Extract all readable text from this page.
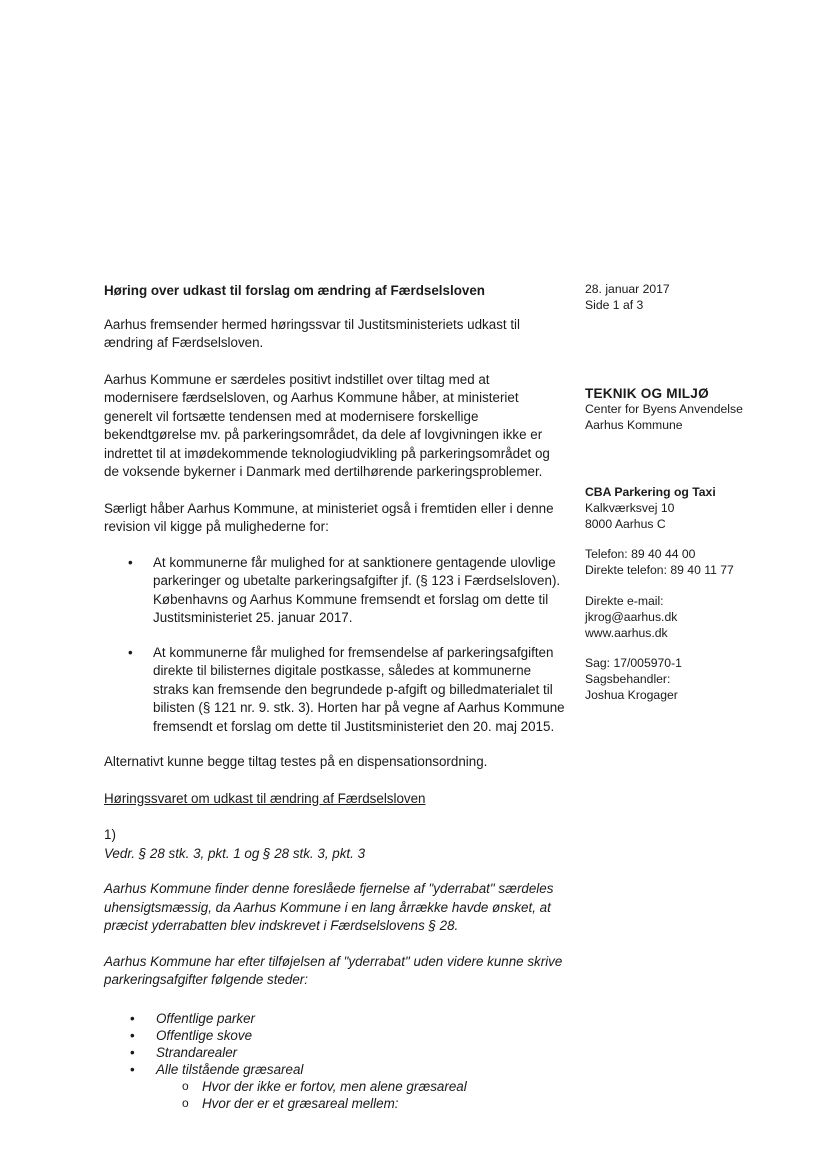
Høring over udkast til forslag om ændring af Færdselsloven

Aarhus fremsender hermed høringssvar til Justitsministeriets udkast til ændring af Færdselsloven.

Aarhus Kommune er særdeles positivt indstillet over tiltag med at modernisere færdselsloven, og Aarhus Kommune håber, at ministeriet generelt vil fortsætte tendensen med at modernisere forskellige bekendtgørelse mv. på parkeringsområdet, da dele af lovgivningen ikke er indrettet til at imødekommende teknologiudvikling på parkeringsområdet og de voksende bykerner i Danmark med dertilhørende parkeringsproblemer.

Særligt håber Aarhus Kommune, at ministeriet også i fremtiden eller i denne revision vil kigge på mulighederne for:

• At kommunerne får mulighed for at sanktionere gentagende ulovlige parkeringer og ubetalte parkeringsafgifter jf. (§ 123 i Færdselsloven). Københavns og Aarhus Kommune fremsendt et forslag om dette til Justitsministeriet 25. januar 2017.
• At kommunerne får mulighed for fremsendelse af parkeringsafgiften direkte til bilisternes digitale postkasse, således at kommunerne straks kan fremsende den begrundede p-afgift og billedmaterialet til bilisten (§ 121 nr. 9. stk. 3). Horten har på vegne af Aarhus Kommune fremsendt et forslag om dette til Justitsministeriet den 20. maj 2015.

Alternativt kunne begge tiltag testes på en dispensationsordning.

Høringssvaret om udkast til ændring af Færdselsloven

1)

Vedr. § 28 stk. 3, pkt. 1 og § 28 stk. 3, pkt. 3

Aarhus Kommune finder denne foreslåede fjernelse af "yderrabat" særdeles uhensigtsmæssig, da Aarhus Kommune i en lang årrække havde ønsket, at præcist yderrabatten blev indskrevet i Færdselslovens § 28.

Aarhus Kommune har efter tilføjelsen af "yderrabat" uden videre kunne skrive parkeringsafgifter følgende steder:

• Offentlige parker
• Offentlige skove
• Strandarealer
• Alle tilstående græsareal
o Hvor der ikke er fortov, men alene græsareal
o Hvor der er et græsareal mellem:
28. januar 2017
Side 1 af 3
TEKNIK OG MILJØ
Center for Byens Anvendelse
Aarhus Kommune
CBA Parkering og Taxi
Kalkværksvej 10
8000 Aarhus C
Telefon: 89 40 44 00
Direkte telefon: 89 40 11 77
Direkte e-mail:
jkrog@aarhus.dk
www.aarhus.dk
Sag: 17/005970-1
Sagsbehandler:
Joshua Krogager
